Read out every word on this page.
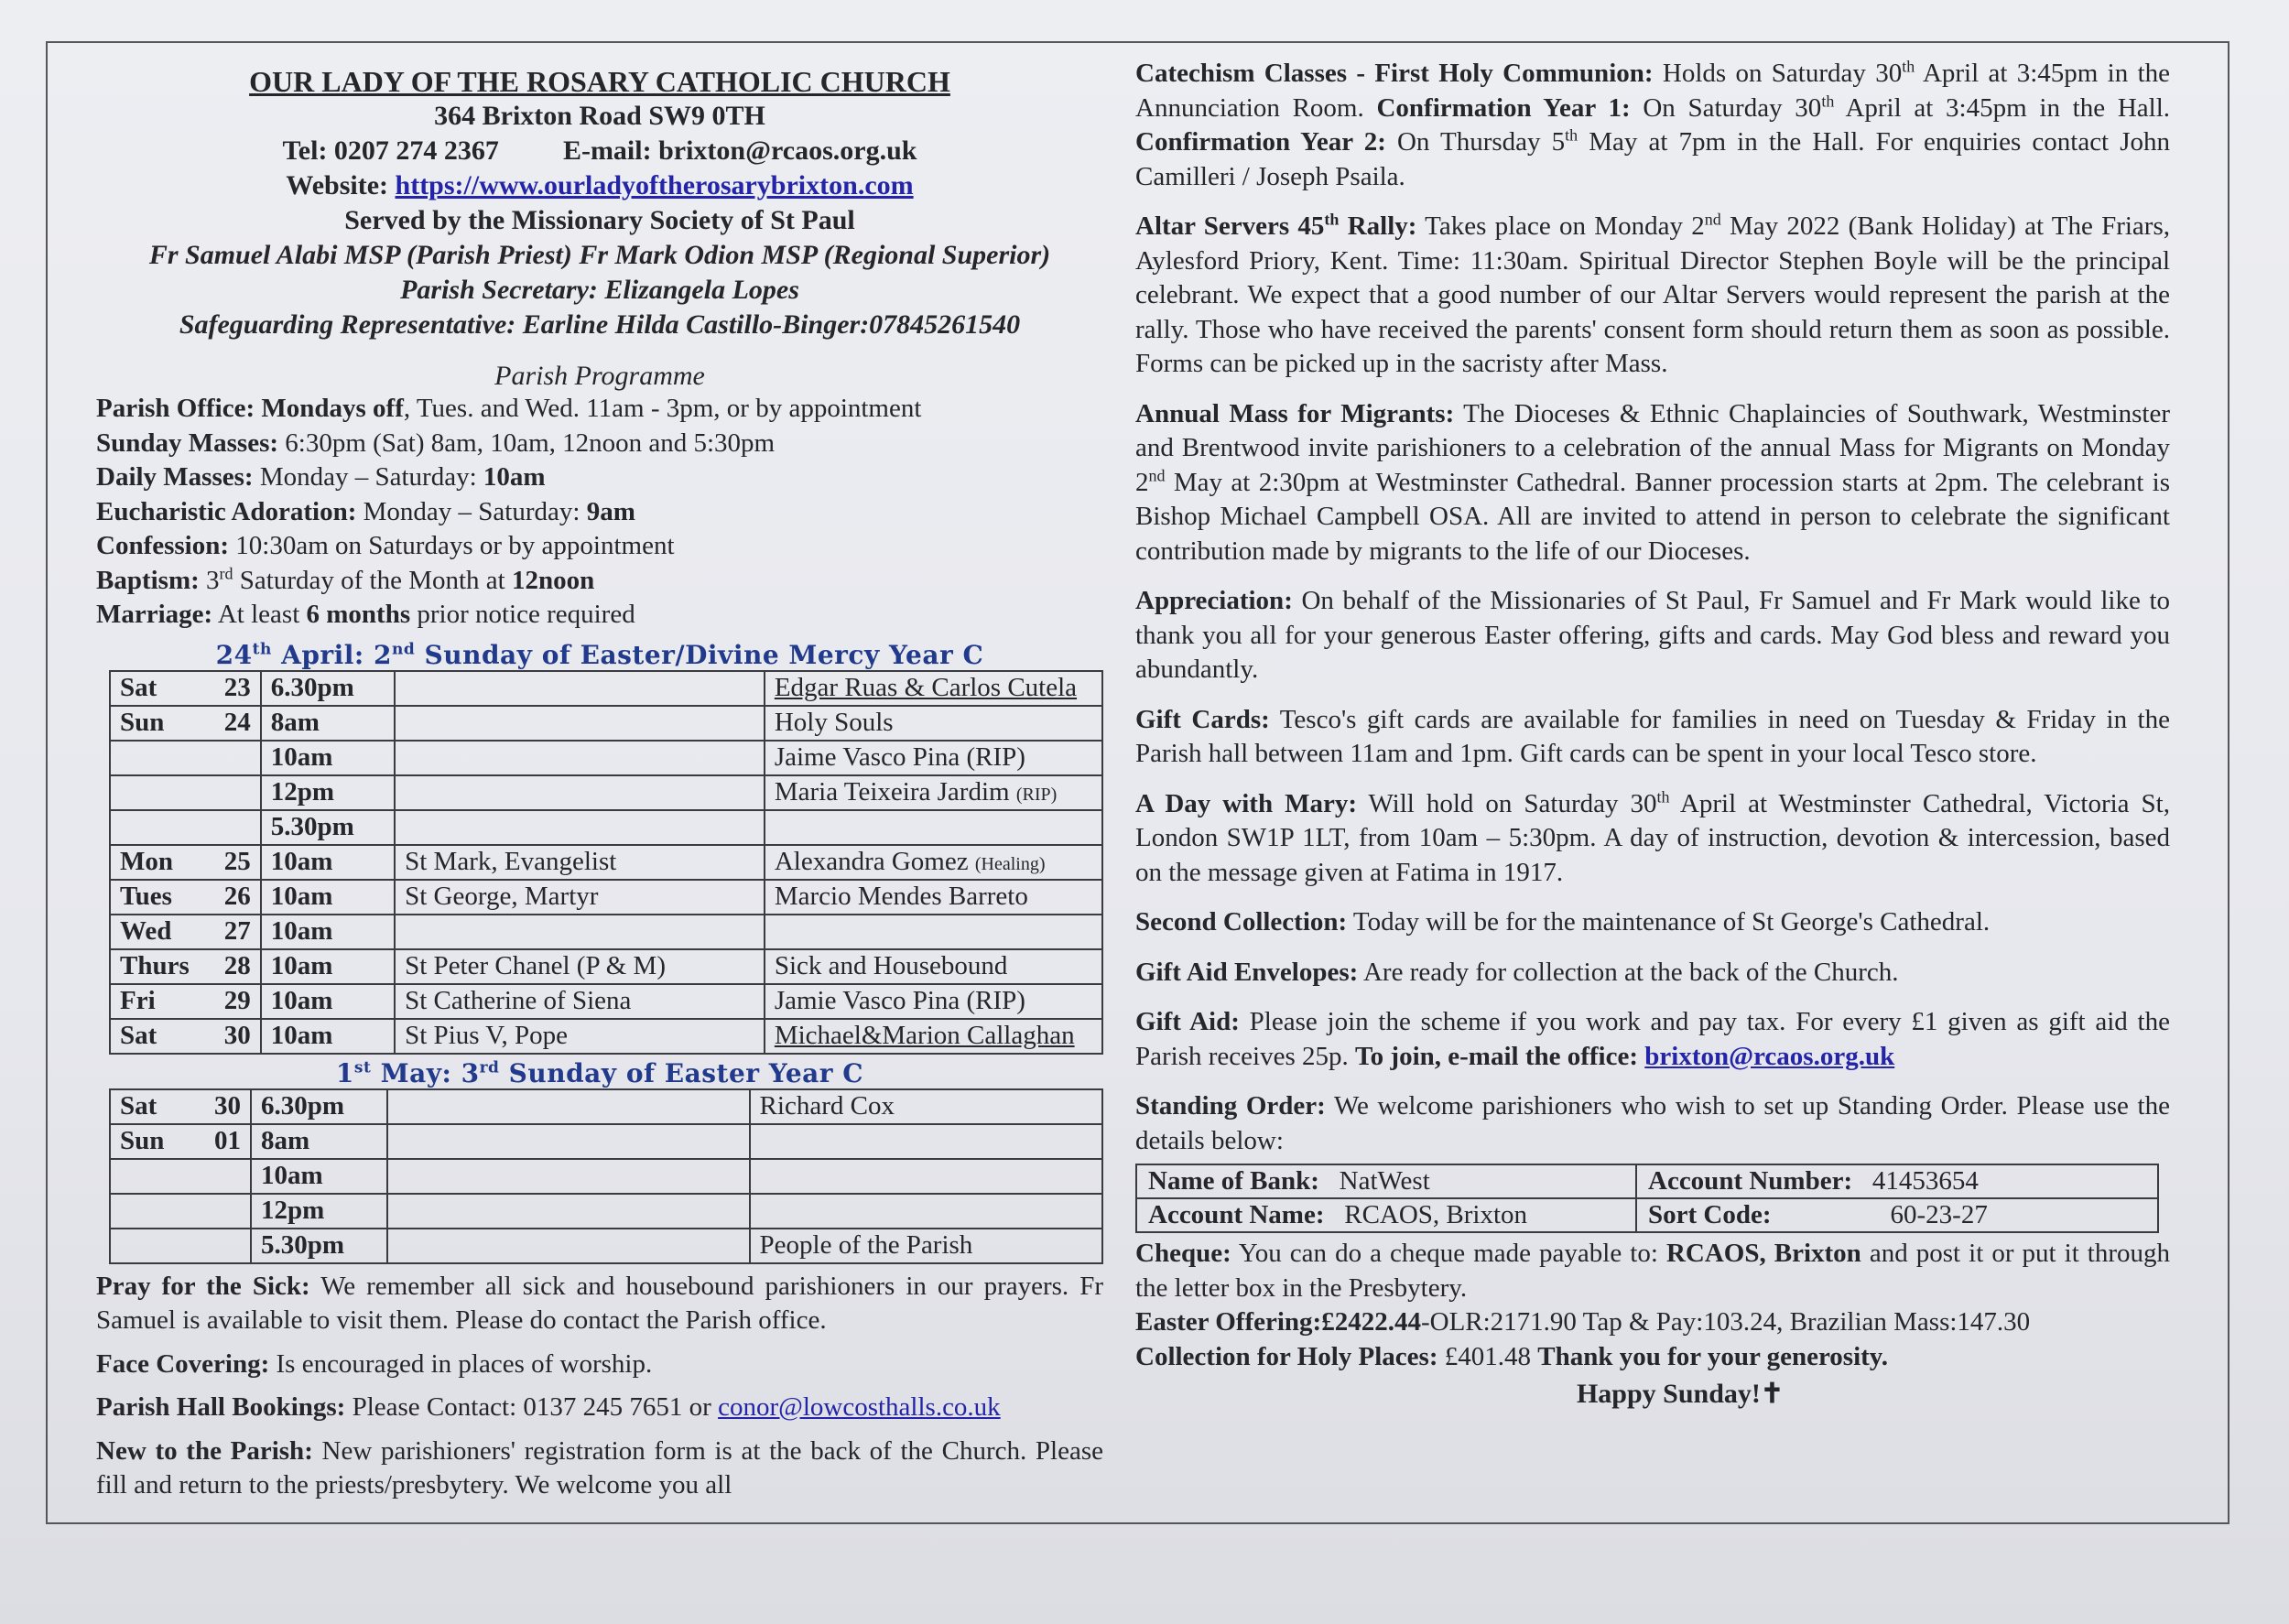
OUR LADY OF THE ROSARY CATHOLIC CHURCH
364 Brixton Road SW9 0TH
Tel: 0207 274 2367 E-mail: brixton@rcaos.org.uk
Website: https://www.ourladyoftherosarybrixton.com
Served by the Missionary Society of St Paul
Fr Samuel Alabi MSP (Parish Priest) Fr Mark Odion MSP (Regional Superior)
Parish Secretary: Elizangela Lopes
Safeguarding Representative: Earline Hilda Castillo-Binger:07845261540
Parish Programme

Parish Office: Mondays off, Tues. and Wed. 11am - 3pm, or by appointment

Sunday Masses: 6:30pm (Sat) 8am, 10am, 12noon and 5:30pm

Daily Masses: Monday – Saturday: 10am

Eucharistic Adoration: Monday – Saturday: 9am

Confession: 10:30am on Saturdays or by appointment

Baptism: 3rd Saturday of the Month at 12noon

Marriage: At least 6 months prior notice required

24th April: 2nd Sunday of Easter/Divine Mercy Year C
Sat 23	6.30pm		Edgar Ruas & Carlos Cutela
Sun 24	8am		Holy Souls

	10am		Jaime Vasco Pina (RIP)

	12pm		Maria Teixeira Jardim (RIP)

	5.30pm		
Mon 25	10am	St Mark, Evangelist	Alexandra Gomez (Healing)
Tues 26	10am	St George, Martyr	Marcio Mendes Barreto
Wed 27	10am		
Thurs 28	10am	St Peter Chanel (P & M)	Sick and Housebound
Fri 29	10am	St Catherine of Siena	Jamie Vasco Pina (RIP)
Sat 30	10am	St Pius V, Pope	Michael&Marion Callaghan
1st May: 3rd Sunday of Easter Year C
Sat 30	6.30pm		Richard Cox
Sun 01	8am		

	10am		

	12pm		

	5.30pm		People of the Parish

Pray for the Sick: We remember all sick and housebound parishioners in our prayers. Fr Samuel is available to visit them. Please do contact the Parish office.

Face Covering: Is encouraged in places of worship.

Parish Hall Bookings: Please Contact: 0137 245 7651 or conor@lowcosthalls.co.uk

New to the Parish: New parishioners' registration form is at the back of the Church. Please fill and return to the priests/presbytery. We welcome you all

Catechism Classes - First Holy Communion: Holds on Saturday 30th April at 3:45pm in the Annunciation Room. Confirmation Year 1: On Saturday 30th April at 3:45pm in the Hall. Confirmation Year 2: On Thursday 5th May at 7pm in the Hall. For enquiries contact John Camilleri / Joseph Psaila.

Altar Servers 45th Rally: Takes place on Monday 2nd May 2022 (Bank Holiday) at The Friars, Aylesford Priory, Kent. Time: 11:30am. Spiritual Director Stephen Boyle will be the principal celebrant. We expect that a good number of our Altar Servers would represent the parish at the rally. Those who have received the parents' consent form should return them as soon as possible. Forms can be picked up in the sacristy after Mass.

Annual Mass for Migrants: The Dioceses & Ethnic Chaplaincies of Southwark, Westminster and Brentwood invite parishioners to a celebration of the annual Mass for Migrants on Monday 2nd May at 2:30pm at Westminster Cathedral. Banner procession starts at 2pm. The celebrant is Bishop Michael Campbell OSA. All are invited to attend in person to celebrate the significant contribution made by migrants to the life of our Dioceses.

Appreciation: On behalf of the Missionaries of St Paul, Fr Samuel and Fr Mark would like to thank you all for your generous Easter offering, gifts and cards. May God bless and reward you abundantly.

Gift Cards: Tesco's gift cards are available for families in need on Tuesday & Friday in the Parish hall between 11am and 1pm. Gift cards can be spent in your local Tesco store.

A Day with Mary: Will hold on Saturday 30th April at Westminster Cathedral, Victoria St, London SW1P 1LT, from 10am – 5:30pm. A day of instruction, devotion & intercession, based on the message given at Fatima in 1917.

Second Collection: Today will be for the maintenance of St George's Cathedral.

Gift Aid Envelopes: Are ready for collection at the back of the Church.

Gift Aid: Please join the scheme if you work and pay tax. For every £1 given as gift aid the Parish receives 25p. To join, e-mail the office: brixton@rcaos.org.uk

Standing Order: We welcome parishioners who wish to set up Standing Order. Please use the details below:

Name of Bank: NatWest	Account Number: 41453654
Account Name: RCAOS, Brixton	Sort Code: 60-23-27

Cheque: You can do a cheque made payable to: RCAOS, Brixton and post it or put it through the letter box in the Presbytery.

Easter Offering:£2422.44-OLR:2171.90 Tap & Pay:103.24, Brazilian Mass:147.30

Collection for Holy Places: £401.48 Thank you for your generosity.

Happy Sunday!✝
